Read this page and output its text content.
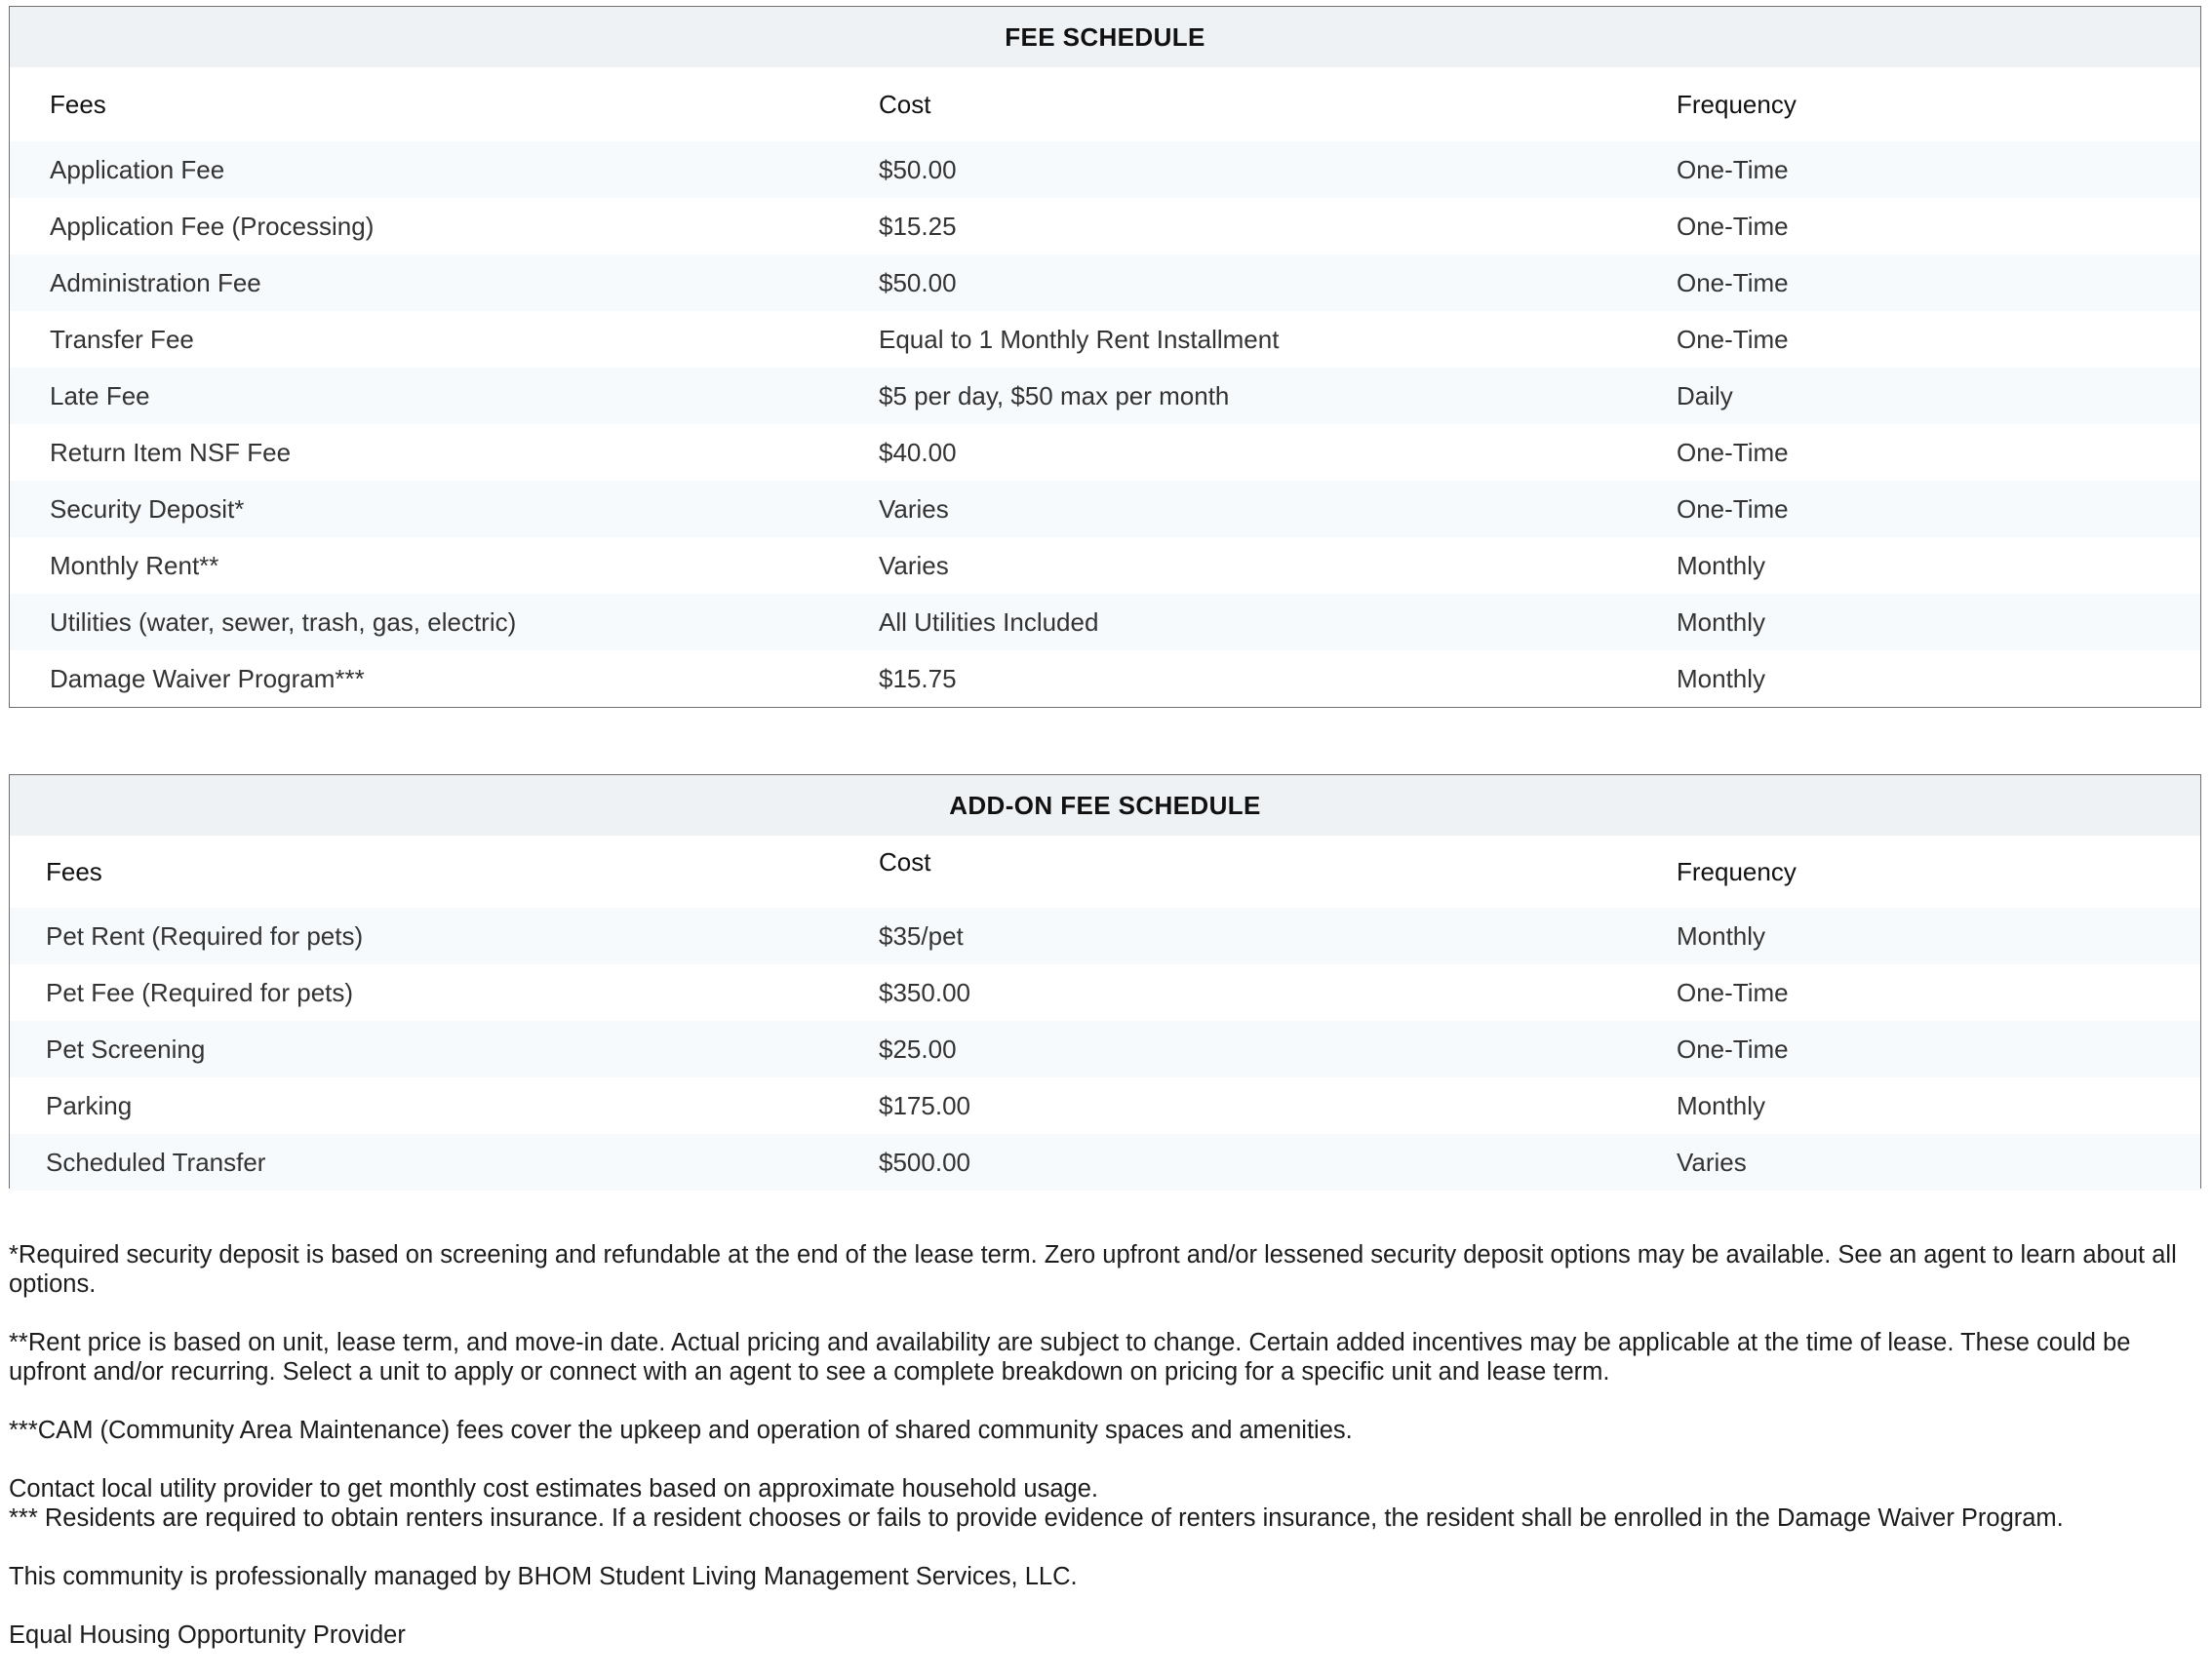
FEE SCHEDULE
Fees	Cost	Frequency
Application Fee	$50.00	One-Time
Application Fee (Processing)	$15.25	One-Time
Administration Fee	$50.00	One-Time
Transfer Fee	Equal to 1 Monthly Rent Installment	One-Time
Late Fee	$5 per day, $50 max per month	Daily
Return Item NSF Fee	$40.00	One-Time
Security Deposit*	Varies	One-Time
Monthly Rent**	Varies	Monthly
Utilities (water, sewer, trash, gas, electric)	All Utilities Included	Monthly
Damage Waiver Program***	$15.75	Monthly
ADD-ON FEE SCHEDULE
Fees	Cost	Frequency
Pet Rent (Required for pets)	$35/pet	Monthly
Pet Fee (Required for pets)	$350.00	One-Time
Pet Screening	$25.00	One-Time
Parking	$175.00	Monthly
Scheduled Transfer	$500.00	Varies

*Required security deposit is based on screening and refundable at the end of the lease term. Zero upfront and/or lessened security deposit options may be available. See an agent to learn about all options.

**Rent price is based on unit, lease term, and move-in date. Actual pricing and availability are subject to change. Certain added incentives may be applicable at the time of lease. These could be upfront and/or recurring. Select a unit to apply or connect with an agent to see a complete breakdown on pricing for a specific unit and lease term.

***CAM (Community Area Maintenance) fees cover the upkeep and operation of shared community spaces and amenities.

Contact local utility provider to get monthly cost estimates based on approximate household usage.

*** Residents are required to obtain renters insurance. If a resident chooses or fails to provide evidence of renters insurance, the resident shall be enrolled in the Damage Waiver Program.

This community is professionally managed by BHOM Student Living Management Services, LLC.

Equal Housing Opportunity Provider
